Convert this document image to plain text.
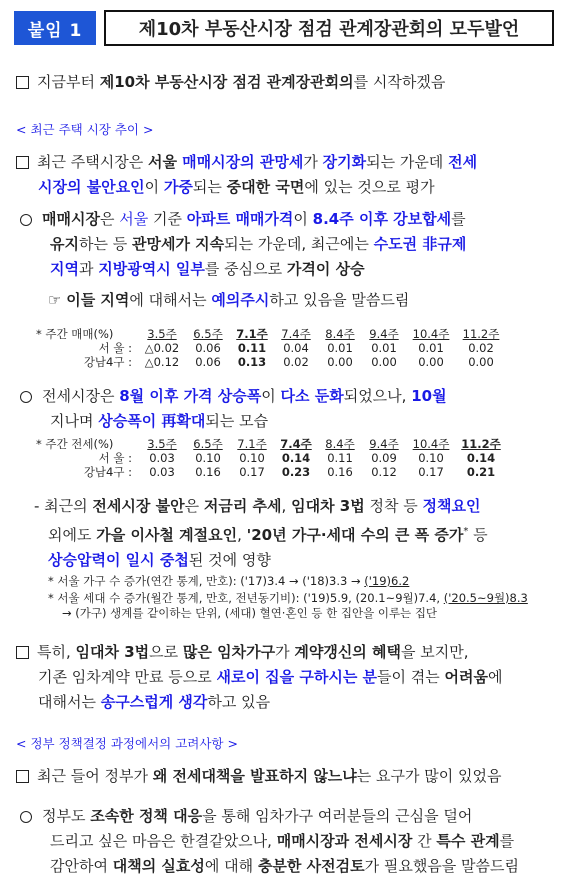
붙임 1	제10차 부동산시장 점검 관계장관회의 모두발언
지금부터 제10차 부동산시장 점검 관계장관회의를 시작하겠음
< 최근 주택 시장 추이 >
최근 주택시장은 서울 매매시장의 관망세가 장기화되는 가운데 전세
시장의 불안요인이 가중되는 중대한 국면에 있는 것으로 평가
매매시장은 서울 기준 아파트 매매가격이 8.4주 이후 강보합세를
유지하는 등 관망세가 지속되는 가운데, 최근에는 수도권 非규제
지역과 지방광역시 일부를 중심으로 가격이 상승
☞ 이들 지역에 대해서는 예의주시하고 있음을 말씀드림
* 주간 매매(%)	3.5주	6.5주	7.1주	7.4주	8.4주	9.4주	10.4주	11.2주
서 울 :	△0.02	0.06	0.11	0.04	0.01	0.01	0.01	0.02
강남4구 :	△0.12	0.06	0.13	0.02	0.00	0.00	0.00	0.00
전세시장은 8월 이후 가격 상승폭이 다소 둔화되었으나, 10월
지나며 상승폭이 再확대되는 모습
* 주간 전세(%)	3.5주	6.5주	7.1주	7.4주	8.4주	9.4주	10.4주	11.2주
서 울 :	0.03	0.10	0.10	0.14	0.11	0.09	0.10	0.14
강남4구 :	0.03	0.16	0.17	0.23	0.16	0.12	0.17	0.21
- 최근의 전세시장 불안은 저금리 추세, 임대차 3법 정착 등 정책요인
외에도 가을 이사철 계절요인, '20년 가구·세대 수의 큰 폭 증가* 등
상승압력이 일시 중첩된 것에 영향
* 서울 가구 수 증가(연간 통계, 만호): ('17)3.4 → ('18)3.3 → ('19)6.2
* 서울 세대 수 증가(월간 통계, 만호, 전년동기비): ('19)5.9, (20.1~9월)7.4, ('20.5~9월)8.3
→ (가구) 생계를 같이하는 단위, (세대) 혈연·혼인 등 한 집안을 이루는 집단
특히, 임대차 3법으로 많은 임차가구가 계약갱신의 혜택을 보지만,
기존 임차계약 만료 등으로 새로이 집을 구하시는 분들이 겪는 어려움에
대해서는 송구스럽게 생각하고 있음
< 정부 정책결정 과정에서의 고려사항 >
최근 들어 정부가 왜 전세대책을 발표하지 않느냐는 요구가 많이 있었음
정부도 조속한 정책 대응을 통해 임차가구 여러분들의 근심을 덜어
드리고 싶은 마음은 한결같았으나, 매매시장과 전세시장 간 특수 관계를
감안하여 대책의 실효성에 대해 충분한 사전검토가 필요했음을 말씀드림
